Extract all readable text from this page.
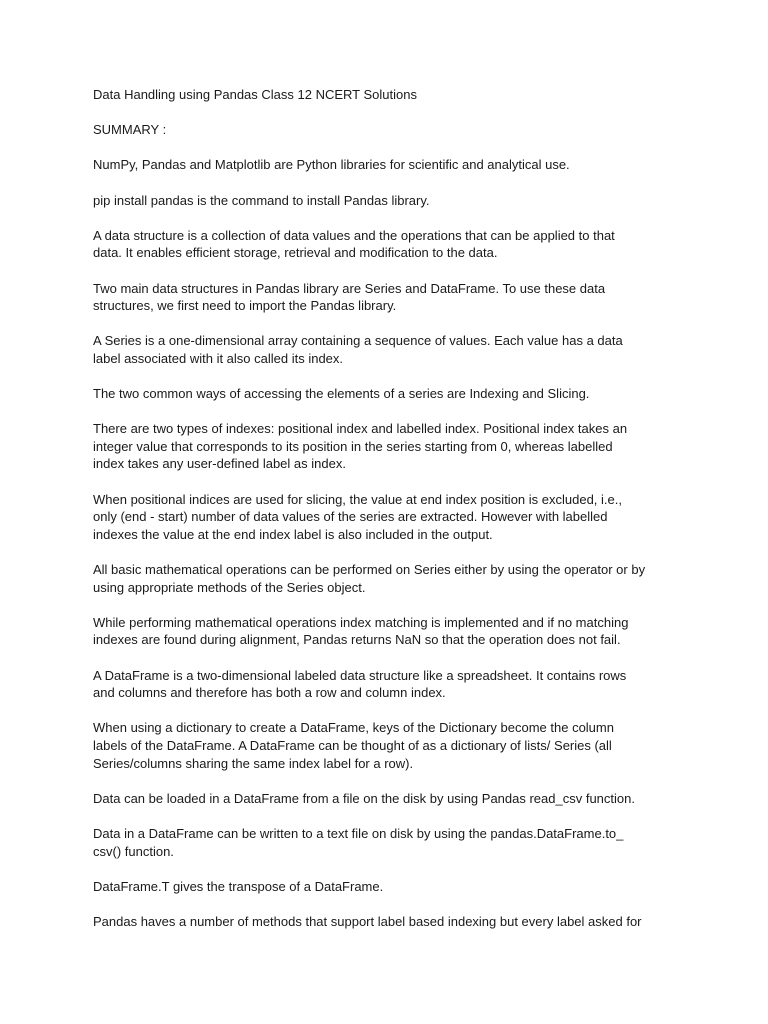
Data Handling using Pandas Class 12 NCERT Solutions

SUMMARY :

NumPy, Pandas and Matplotlib are Python libraries for scientific and analytical use.

pip install pandas is the command to install Pandas library.

A data structure is a collection of data values and the operations that can be applied to that
data. It enables efficient storage, retrieval and modification to the data.

Two main data structures in Pandas library are Series and DataFrame. To use these data
structures, we first need to import the Pandas library.

A Series is a one-dimensional array containing a sequence of values. Each value has a data
label associated with it also called its index.

The two common ways of accessing the elements of a series are Indexing and Slicing.

There are two types of indexes: positional index and labelled index. Positional index takes an
integer value that corresponds to its position in the series starting from 0, whereas labelled
index takes any user-defined label as index.

When positional indices are used for slicing, the value at end index position is excluded, i.e.,
only (end - start) number of data values of the series are extracted. However with labelled
indexes the value at the end index label is also included in the output.

All basic mathematical operations can be performed on Series either by using the operator or by
using appropriate methods of the Series object.

While performing mathematical operations index matching is implemented and if no matching
indexes are found during alignment, Pandas returns NaN so that the operation does not fail.

A DataFrame is a two-dimensional labeled data structure like a spreadsheet. It contains rows
and columns and therefore has both a row and column index.

When using a dictionary to create a DataFrame, keys of the Dictionary become the column
labels of the DataFrame. A DataFrame can be thought of as a dictionary of lists/ Series (all
Series/columns sharing the same index label for a row).

Data can be loaded in a DataFrame from a file on the disk by using Pandas read_csv function.

Data in a DataFrame can be written to a text file on disk by using the pandas.DataFrame.to_
csv() function.

DataFrame.T gives the transpose of a DataFrame.

Pandas haves a number of methods that support label based indexing but every label asked for
